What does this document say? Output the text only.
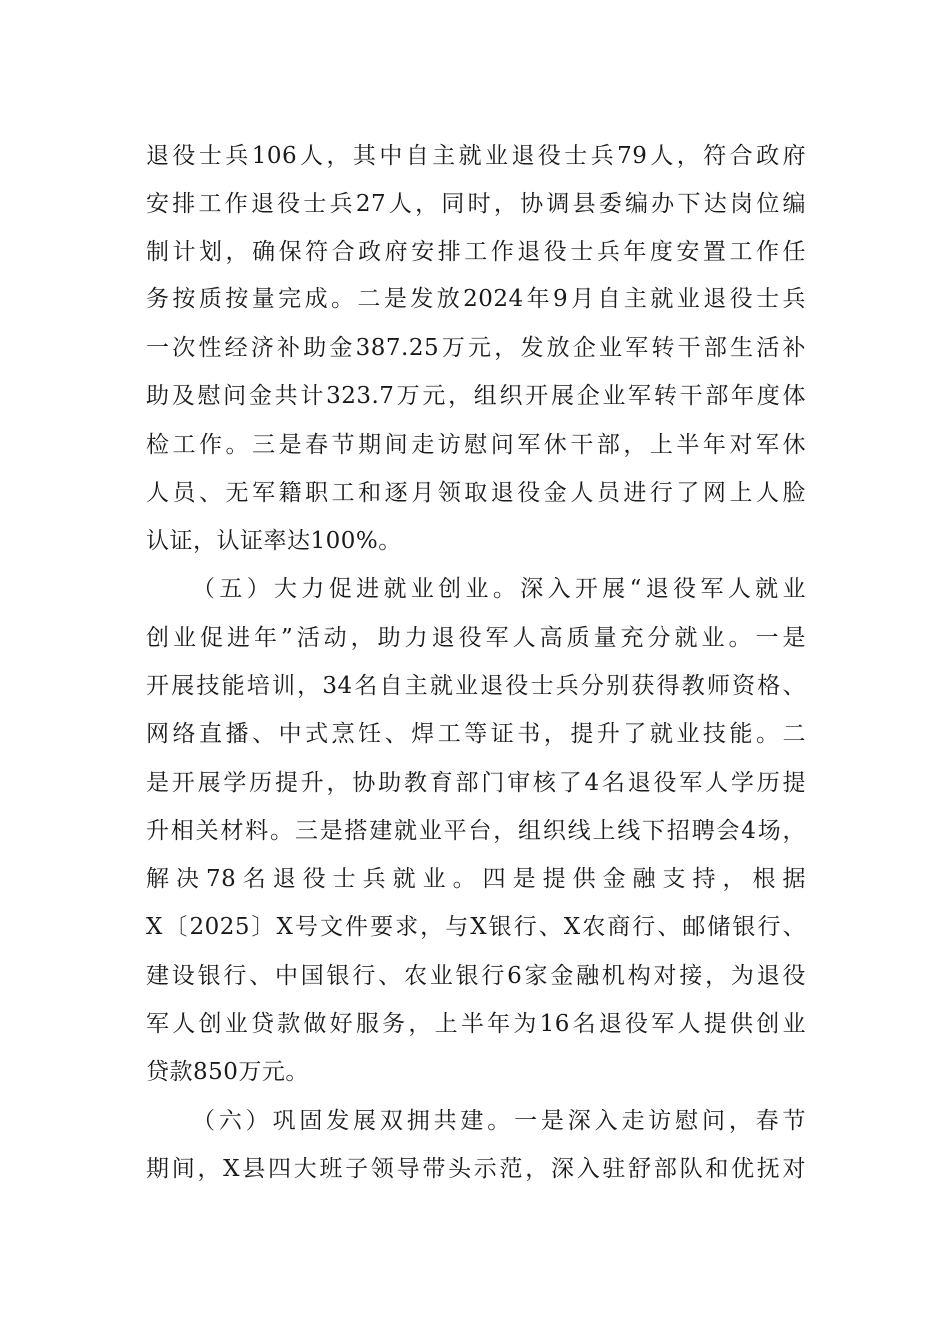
退役士兵106人，其中自主就业退役士兵79人，符合政府
安排工作退役士兵27人，同时，协调县委编办下达岗位编
制计划，确保符合政府安排工作退役士兵年度安置工作任
务按质按量完成。二是发放2024年9月自主就业退役士兵
一次性经济补助金387.25万元，发放企业军转干部生活补
助及慰问金共计323.7万元，组织开展企业军转干部年度体
检工作。三是春节期间走访慰问军休干部，上半年对军休
人员、无军籍职工和逐月领取退役金人员进行了网上人脸
认证，认证率达100%。
（五）大力促进就业创业。深入开展“退役军人就业
创业促进年”活动，助力退役军人高质量充分就业。一是
开展技能培训，34名自主就业退役士兵分别获得教师资格、
网络直播、中式烹饪、焊工等证书，提升了就业技能。二
是开展学历提升，协助教育部门审核了4名退役军人学历提
升相关材料。三是搭建就业平台，组织线上线下招聘会4场，
解决78名退役士兵就业。四是提供金融支持，根据
X〔2025〕X号文件要求，与X银行、X农商行、邮储银行、
建设银行、中国银行、农业银行6家金融机构对接，为退役
军人创业贷款做好服务，上半年为16名退役军人提供创业
贷款850万元。
（六）巩固发展双拥共建。一是深入走访慰问，春节
期间，X县四大班子领导带头示范，深入驻舒部队和优抚对
